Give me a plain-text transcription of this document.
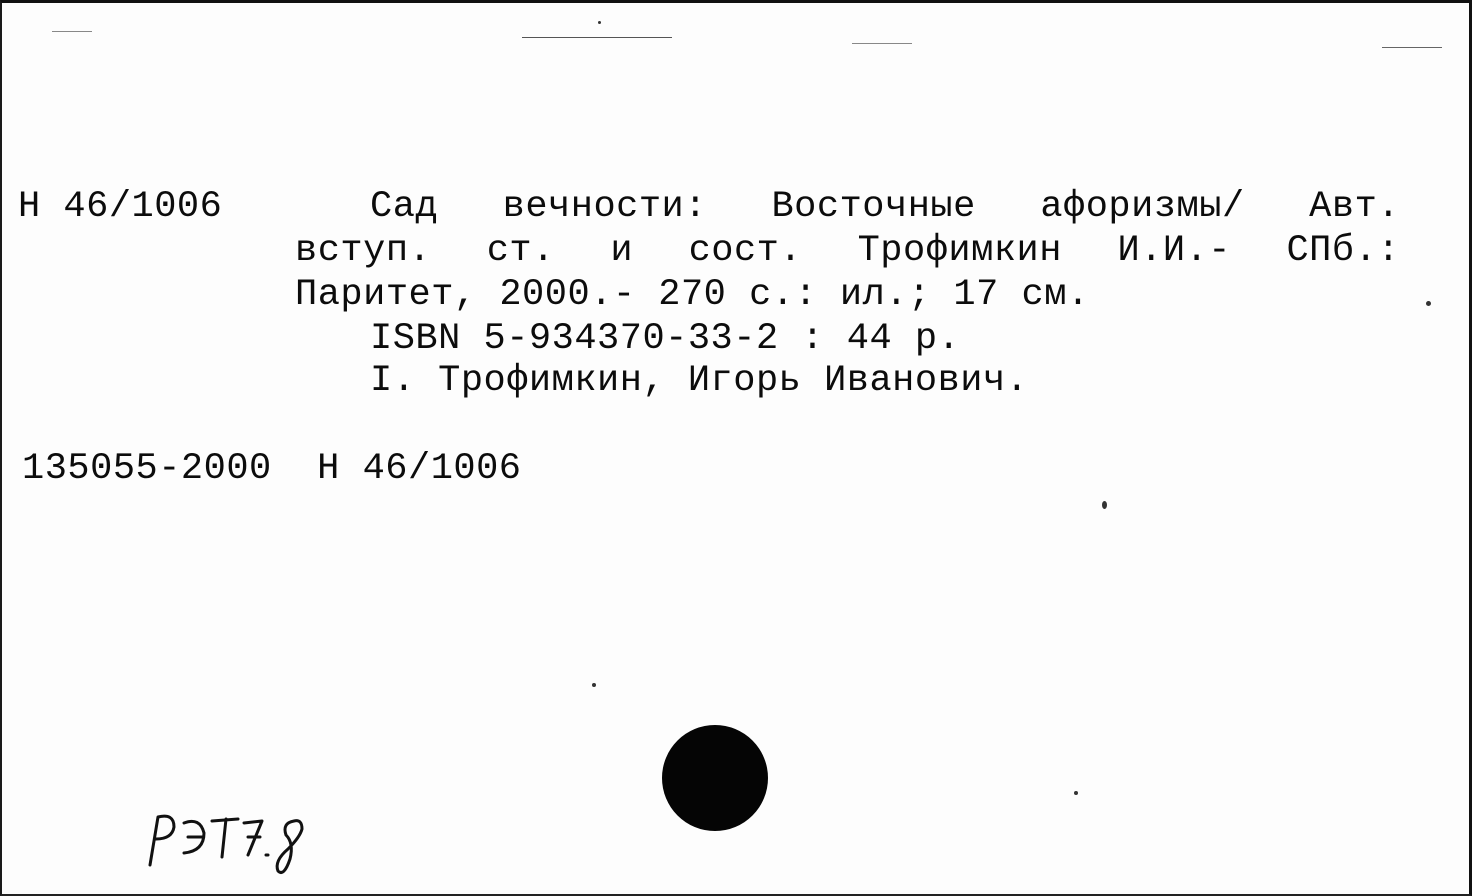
Н 46/1006	Сад вечности: Восточные афоризмы/ Авт.
вступ. ст. и сост. Трофимкин И.И.- СПб.:
Паритет, 2000.- 270 с.: ил.; 17 см.
ISBN 5-934370-33-2 : 44 р.
I. Трофимкин, Игорь Иванович.
135055-2000 Н 46/1006
